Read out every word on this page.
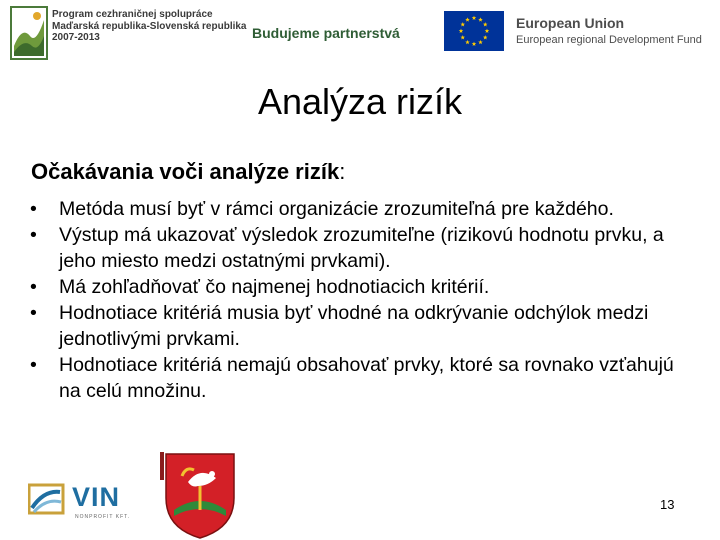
Program cezhraničnej spolupráce
Maďarská republika-Slovenská republika
2007-2013	Budujeme partnerstvá
European Union
European regional Development Fund
Analýza rizík
Očakávania voči analýze rizík:
• Metóda musí byť v rámci organizácie zrozumiteľná pre každého.
• Výstup má ukazovať výsledok zrozumiteľne (rizikovú hodnotu prvku, a jeho miesto medzi ostatnými prvkami).
• Má zohľadňovať čo najmenej hodnotiacich kritérií.
• Hodnotiace kritériá musia byť vhodné na odkrývanie odchýlok medzi jednotlivými prvkami.
• Hodnotiace kritériá nemajú obsahovať prvky, ktoré sa rovnako vzťahujú na celú množinu.
VIN
NONPROFIT KFT.
13
